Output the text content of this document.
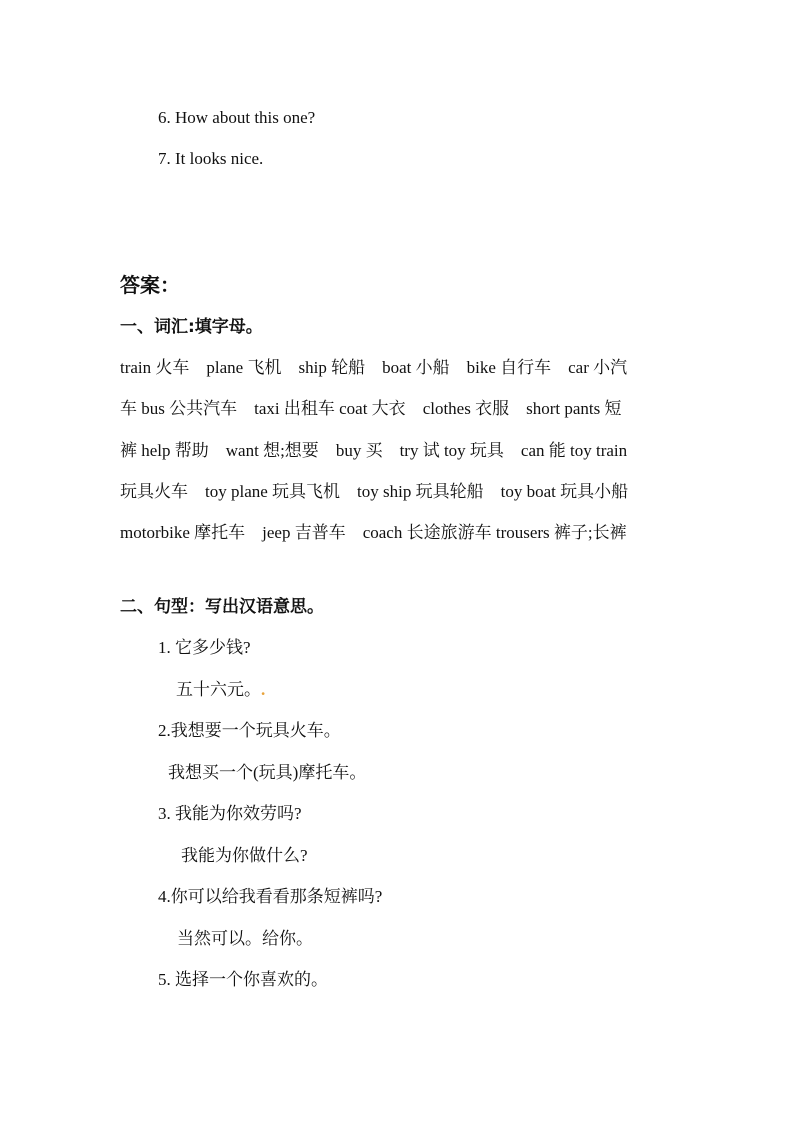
6. How about this one?
7. It looks nice.
答案：
一、词汇:填字母。
train 火车 plane 飞机 ship 轮船 boat 小船 bike 自行车 car 小汽
车 bus 公共汽车 taxi 出租车 coat 大衣 clothes 衣服 short pants 短
裤 help 帮助 want 想;想要 buy 买 try 试 toy 玩具 can 能 toy train
玩具火车 toy plane 玩具飞机 toy ship 玩具轮船 toy boat 玩具小船
motorbike 摩托车 jeep 吉普车 coach 长途旅游车 trousers 裤子;长裤
二、句型：写出汉语意思。
1. 它多少钱?
五十六元。.
2.我想要一个玩具火车。
我想买一个(玩具)摩托车。
3. 我能为你效劳吗?
我能为你做什么?
4.你可以给我看看那条短裤吗?
当然可以。给你。
5. 选择一个你喜欢的。
